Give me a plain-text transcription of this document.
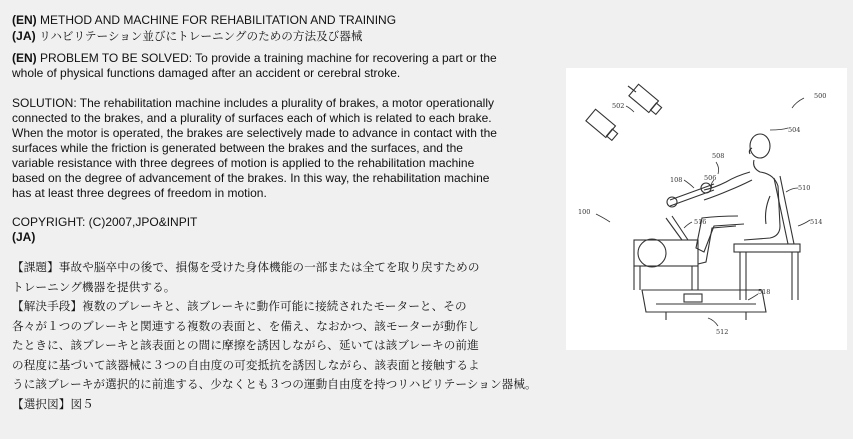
(EN) METHOD AND MACHINE FOR REHABILITATION AND TRAINING
(JA) リハビリテーション並びにトレーニングのための方法及び器械
(EN) PROBLEM TO BE SOLVED: To provide a training machine for recovering a part or the
whole of physical functions damaged after an accident or cerebral stroke.
SOLUTION: The rehabilitation machine includes a plurality of brakes, a motor operationally
connected to the brakes, and a plurality of surfaces each of which is related to each brake.
When the motor is operated, the brakes are selectively made to advance in contact with the
surfaces while the friction is generated between the brakes and the surfaces, and the
variable resistance with three degrees of motion is applied to the rehabilitation machine
based on the degree of advancement of the brakes. In this way, the rehabilitation machine
has at least three degrees of freedom in motion.
COPYRIGHT: (C)2007,JPO&INPIT
(JA)
【課題】事故や脳卒中の後で、損傷を受けた身体機能の一部または全てを取り戻すための
トレーニング機器を提供する。
【解決手段】複数のブレーキと、該ブレーキに動作可能に接続されたモーターと、その
各々が１つのブレーキと関連する複数の表面と、を備え、なおかつ、該モーターが動作し
たときに、該ブレーキと該表面との間に摩擦を誘因しながら、延いては該ブレーキの前進
の程度に基づいて該器械に３つの自由度の可変抵抗を誘因しながら、該表面と接触するよ
うに該ブレーキが選択的に前進する、少なくとも３つの運動自由度を持つリハビリテーション器械。
【選択図】図５
500
502
504
508
108	506
510
100
514
516
518
512
